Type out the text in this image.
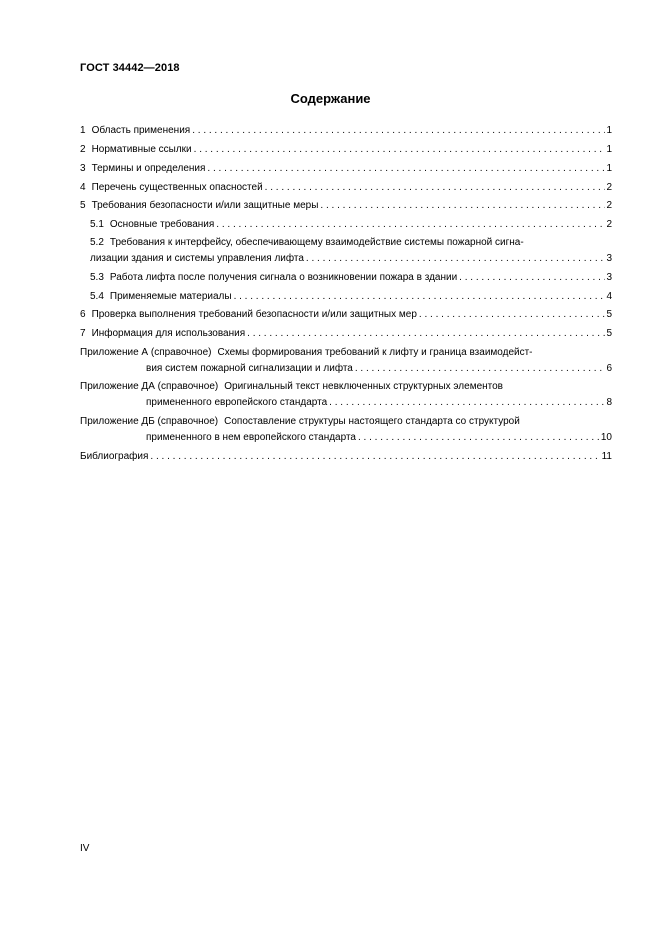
ГОСТ 34442—2018
Содержание
1 Область применения . . .	1
2 Нормативные ссылки . . .	1
3 Термины и определения . . .	1
4 Перечень существенных опасностей . . .	2
5 Требования безопасности и/или защитные меры . . .	2
5.1 Основные требования . . .	2
5.2 Требования к интерфейсу, обеспечивающему взаимодействие системы пожарной сигна-
лизации здания и системы управления лифта . . .	3
5.3 Работа лифта после получения сигнала о возникновении пожара в здании . . .	3
5.4 Применяемые материалы . . .	4
6 Проверка выполнения требований безопасности и/или защитных мер . . .	5
7 Информация для использования . . .	5
Приложение А (справочное) Схемы формирования требований к лифту и граница взаимодейст-
вия систем пожарной сигнализации и лифта . . .	6
Приложение ДА (справочное) Оригинальный текст невключенных структурных элементов
примененного европейского стандарта . . .	8
Приложение ДБ (справочное) Сопоставление структуры настоящего стандарта со структурой
примененного в нем европейского стандарта . . .	10
Библиография . . .	11
IV
